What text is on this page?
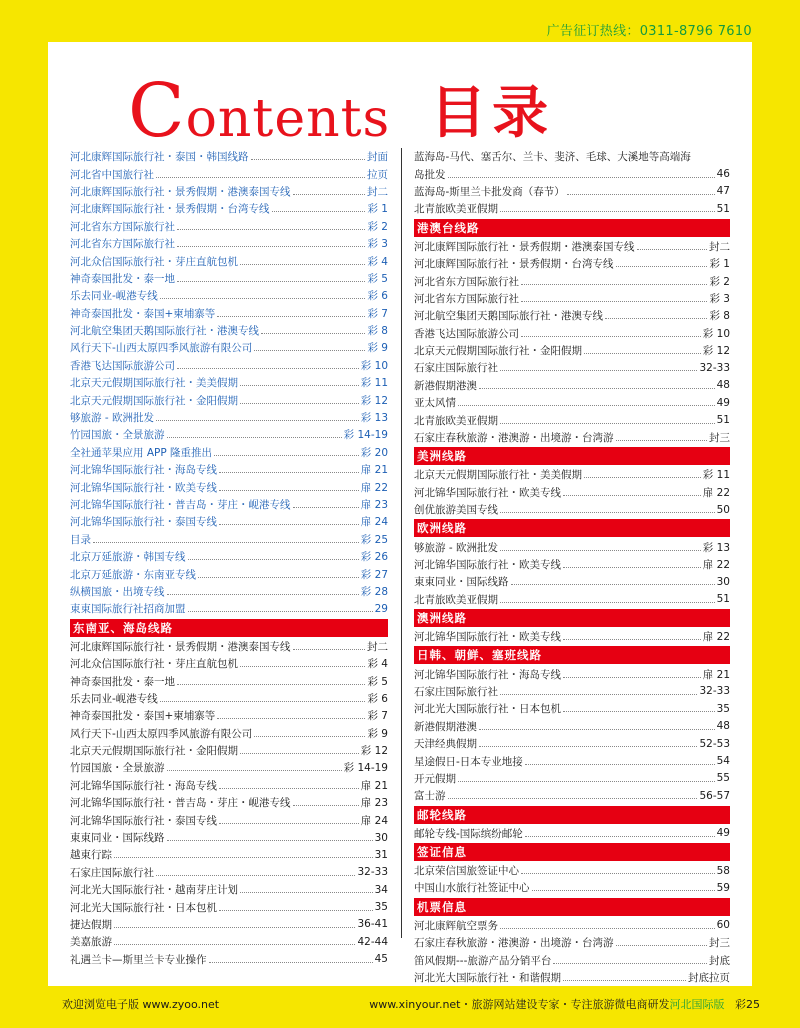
广告征订热线：0311-8796 7610
Contents 目录
河北康辉国际旅行社・泰国・韩国线路	封面
河北省中国旅行社	拉页
河北康辉国际旅行社・景秀假期・港澳泰国专线	封二
河北康辉国际旅行社・景秀假期・台湾专线	彩 1
河北省东方国际旅行社	彩 2
河北省东方国际旅行社	彩 3
河北众信国际旅行社・芽庄直航包机	彩 4
神奇泰国批发・泰一地	彩 5
乐去同业-岘港专线	彩 6
神奇泰国批发・泰国+柬埔寨等	彩 7
河北航空集团天鹅国际旅行社・港澳专线	彩 8
风行天下-山西太原四季风旅游有限公司	彩 9
香港飞达国际旅游公司	彩 10
北京天元假期国际旅行社・美美假期	彩 11
北京天元假期国际旅行社・金阳假期	彩 12
够旅游 - 欧洲批发	彩 13
竹园国旅・全景旅游	彩 14-19
全社通苹果应用 APP 隆重推出	彩 20
河北锦华国际旅行社・海岛专线	扉 21
河北锦华国际旅行社・欧美专线	扉 22
河北锦华国际旅行社・普吉岛・芽庄・岘港专线	扉 23
河北锦华国际旅行社・泰国专线	扉 24
目录	彩 25
北京万延旅游・韩国专线	彩 26
北京万延旅游・东南亚专线	彩 27
纵横国旅・出境专线	彩 28
東東国际旅行社招商加盟	29
东南亚、海岛线路
河北康辉国际旅行社・景秀假期・港澳泰国专线	封二
河北众信国际旅行社・芽庄直航包机	彩 4
神奇泰国批发・泰一地	彩 5
乐去同业-岘港专线	彩 6
神奇泰国批发・泰国+柬埔寨等	彩 7
风行天下-山西太原四季风旅游有限公司	彩 9
北京天元假期国际旅行社・金阳假期	彩 12
竹园国旅・全景旅游	彩 14-19
河北锦华国际旅行社・海岛专线	扉 21
河北锦华国际旅行社・普吉岛・芽庄・岘港专线	扉 23
河北锦华国际旅行社・泰国专线	扉 24
東東同业・国际线路	30
越東行踪	31
石家庄国际旅行社	32-33
河北光大国际旅行社・越南芽庄计划	34
河北光大国际旅行社・日本包机	35
捷达假期	36-41
美嘉旅游	42-44
礼遇兰卡—斯里兰卡专业操作	45
蓝海岛-马代、塞舌尔、兰卡、斐济、毛球、大溪地等高端海
岛批发	46
蓝海岛-斯里兰卡批发商（春节）	47
北青旅欧美亚假期	51
港澳台线路
河北康辉国际旅行社・景秀假期・港澳泰国专线	封二
河北康辉国际旅行社・景秀假期・台湾专线	彩 1
河北省东方国际旅行社	彩 2
河北省东方国际旅行社	彩 3
河北航空集团天鹅国际旅行社・港澳专线	彩 8
香港飞达国际旅游公司	彩 10
北京天元假期国际旅行社・金阳假期	彩 12
石家庄国际旅行社	32-33
新港假期港澳	48
亚太风情	49
北青旅欧美亚假期	51
石家庄春秋旅游・港澳游・出境游・台湾游	封三
美洲线路
北京天元假期国际旅行社・美美假期	彩 11
河北锦华国际旅行社・欧美专线	扉 22
创优旅游美国专线	50
欧洲线路
够旅游 - 欧洲批发	彩 13
河北锦华国际旅行社・欧美专线	扉 22
東東同业・国际线路	30
北青旅欧美亚假期	51
澳洲线路
河北锦华国际旅行社・欧美专线	扉 22
日韩、朝鲜、塞班线路
河北锦华国际旅行社・海岛专线	扉 21
石家庄国际旅行社	32-33
河北光大国际旅行社・日本包机	35
新港假期港澳	48
天津经典假期	52-53
星途假日-日本专业地接	54
开元假期	55
富士游	56-57
邮轮线路
邮轮专线-国际缤纷邮轮	49
签证信息
北京荣信国旅签证中心	58
中国山水旅行社签证中心	59
机票信息
河北康辉航空票务	60
石家庄春秋旅游・港澳游・出境游・台湾游	封三
笛风假期---旅游产品分销平台	封底
河北光大国际旅行社・和谐假期	封底拉页
欢迎浏览电子版 www.zyoo.net	www.xinyour.net・旅游网站建设专家・专注旅游微电商研发河北国际版 彩25
